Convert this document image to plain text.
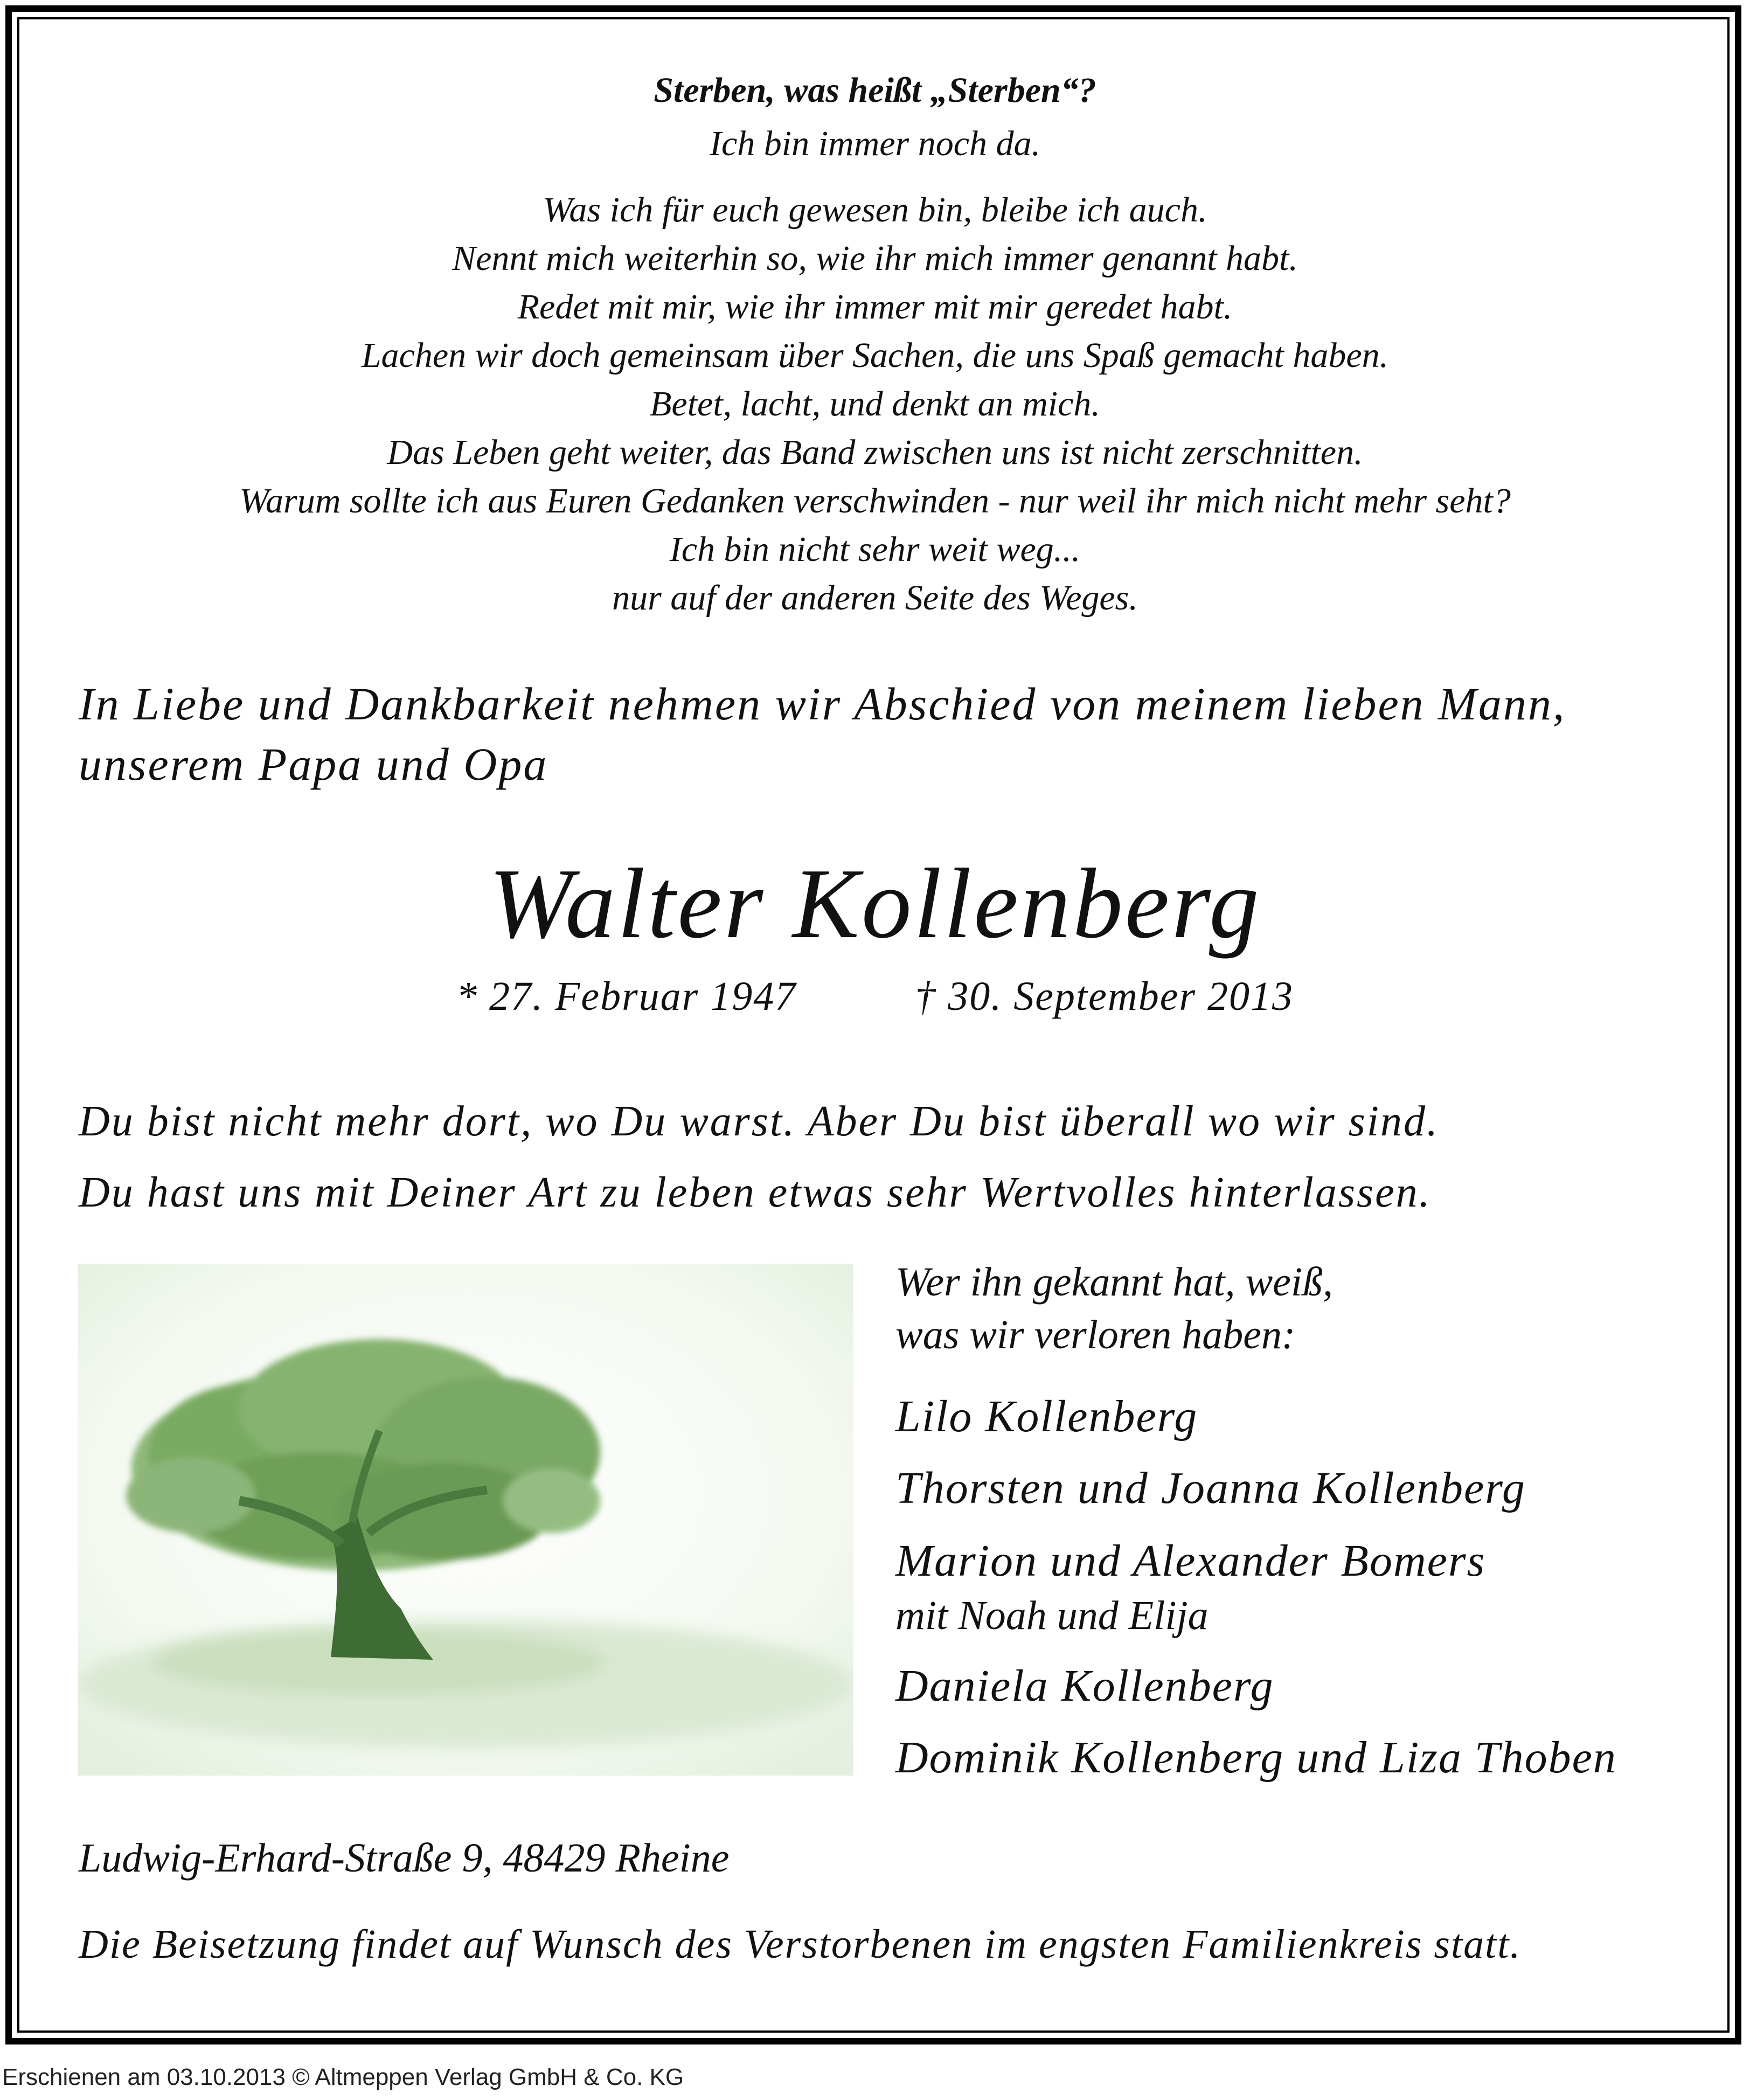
Sterben, was heißt „Sterben“?
Ich bin immer noch da.
Was ich für euch gewesen bin, bleibe ich auch.
Nennt mich weiterhin so, wie ihr mich immer genannt habt.
Redet mit mir, wie ihr immer mit mir geredet habt.
Lachen wir doch gemeinsam über Sachen, die uns Spaß gemacht haben.
Betet, lacht, und denkt an mich.
Das Leben geht weiter, das Band zwischen uns ist nicht zerschnitten.
Warum sollte ich aus Euren Gedanken verschwinden - nur weil ihr mich nicht mehr seht?
Ich bin nicht sehr weit weg...
nur auf der anderen Seite des Weges.
In Liebe und Dankbarkeit nehmen wir Abschied von meinem lieben Mann,
unserem Papa und Opa
Walter Kollenberg
* 27. Februar 1947	† 30. September 2013
Du bist nicht mehr dort, wo Du warst. Aber Du bist überall wo wir sind.
Du hast uns mit Deiner Art zu leben etwas sehr Wertvolles hinterlassen.
Wer ihn gekannt hat, weiß,
was wir verloren haben:
Lilo Kollenberg
Thorsten und Joanna Kollenberg
Marion und Alexander Bomers
mit Noah und Elija
Daniela Kollenberg
Dominik Kollenberg und Liza Thoben
Ludwig-Erhard-Straße 9, 48429 Rheine
Die Beisetzung findet auf Wunsch des Verstorbenen im engsten Familienkreis statt.
Erschienen am 03.10.2013 © Altmeppen Verlag GmbH & Co. KG
